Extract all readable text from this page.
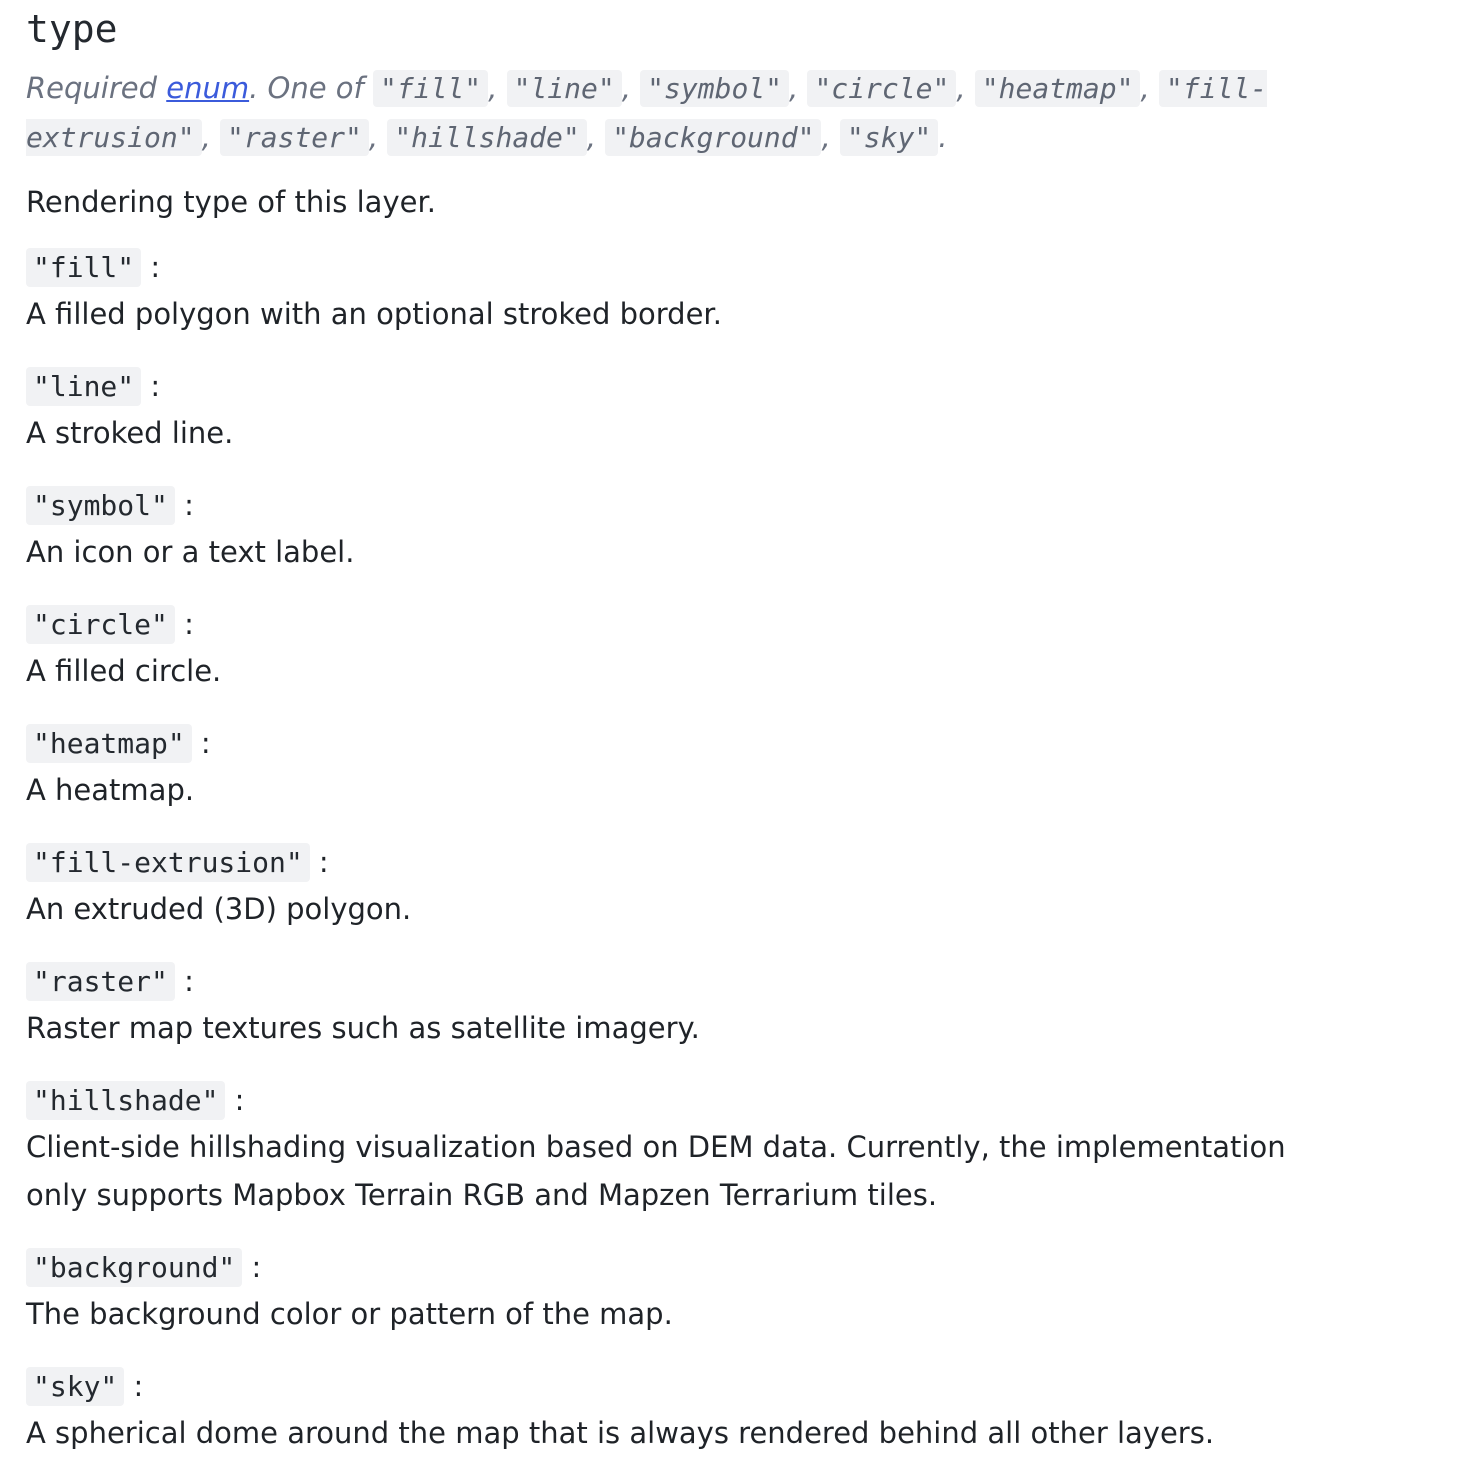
type
Required enum. One of "fill" , "line" , "symbol" , "circle" , "heatmap" , "fill-extrusion" , "raster" , "hillshade" , "background" , "sky" .

Rendering type of this layer.

"fill" :
A filled polygon with an optional stroked border.
"line" :
A stroked line.
"symbol" :
An icon or a text label.
"circle" :
A filled circle.
"heatmap" :
A heatmap.
"fill-extrusion" :
An extruded (3D) polygon.
"raster" :
Raster map textures such as satellite imagery.
"hillshade" :
Client-side hillshading visualization based on DEM data. Currently, the implementation only supports Mapbox Terrain RGB and Mapzen Terrarium tiles.
"background" :
The background color or pattern of the map.
"sky" :
A spherical dome around the map that is always rendered behind all other layers.
